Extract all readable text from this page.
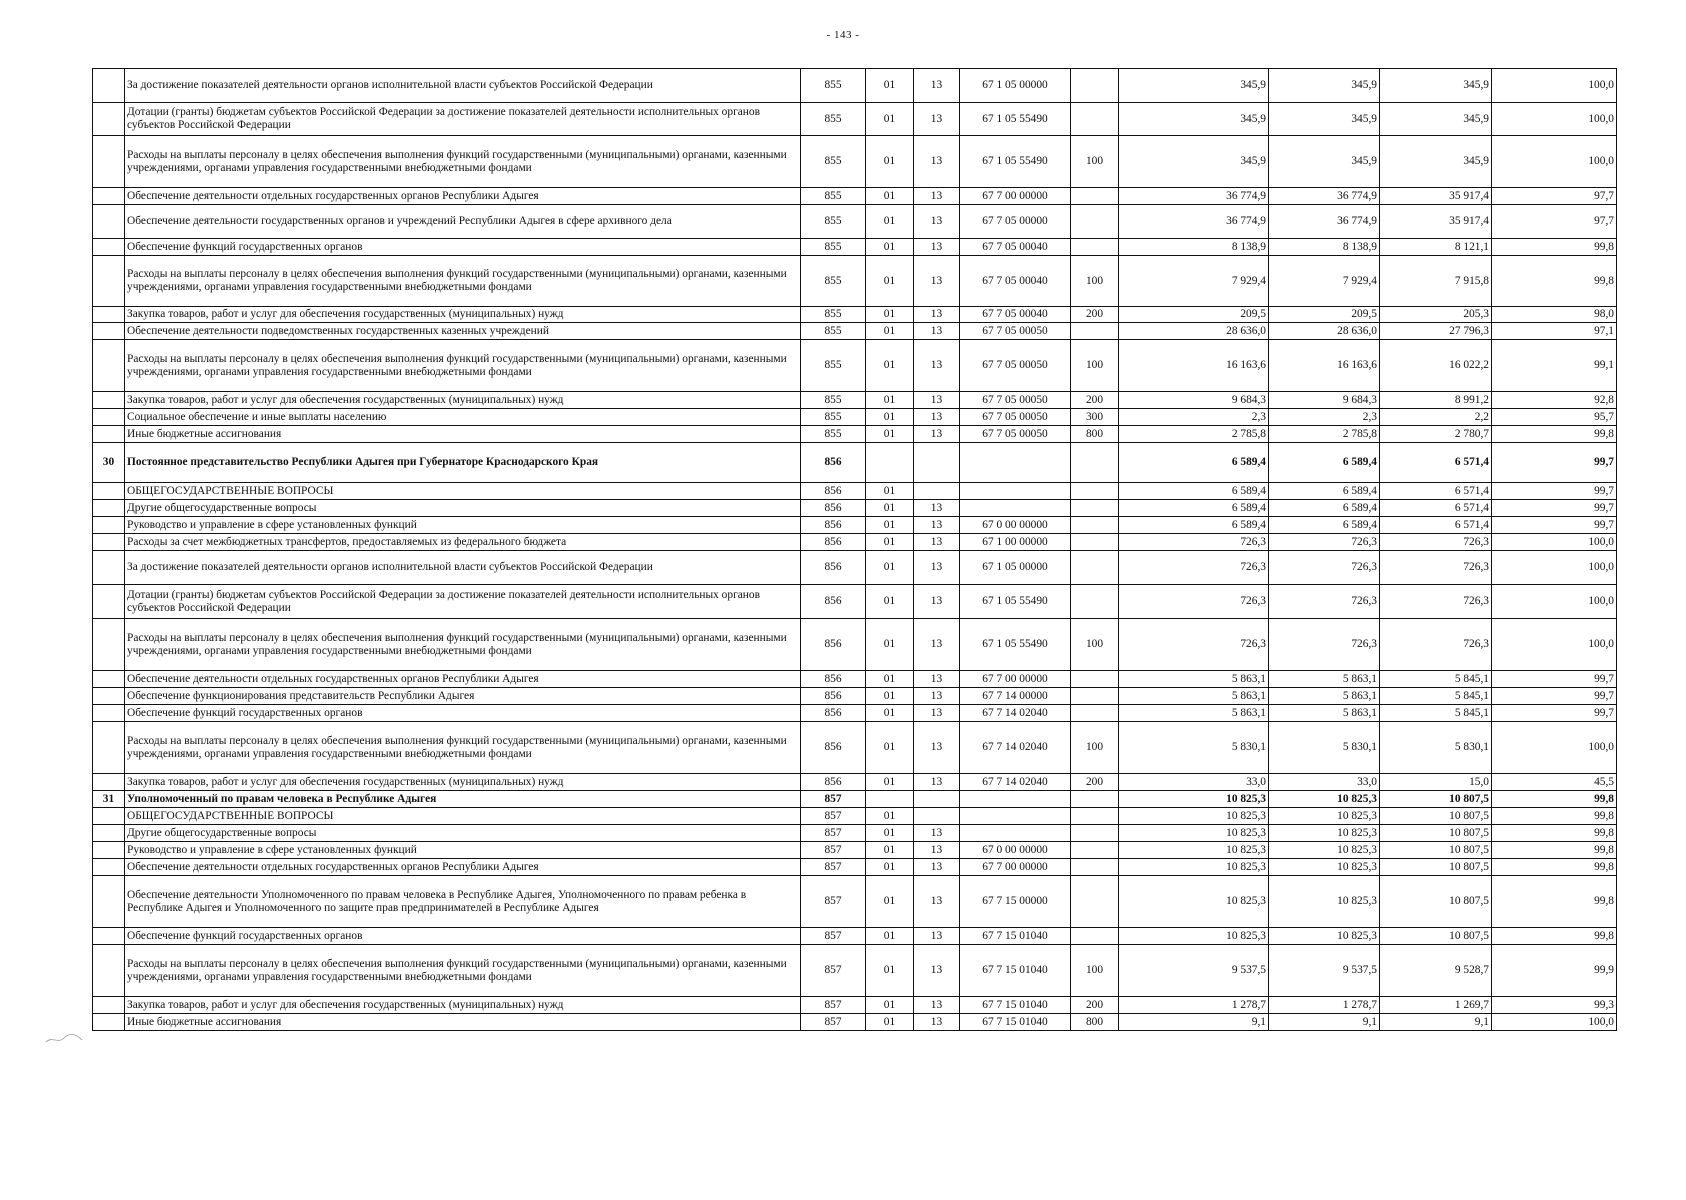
- 143 -
	За достижение показателей деятельности органов исполнительной власти субъектов Российской Федерации	855	01	13	67 1 05 00000		345,9	345,9	345,9	100,0
	Дотации (гранты) бюджетам субъектов Российской Федерации за достижение показателей деятельности исполнительных органов субъектов Российской Федерации	855	01	13	67 1 05 55490		345,9	345,9	345,9	100,0
	Расходы на выплаты персоналу в целях обеспечения выполнения функций государственными (муниципальными) органами, казенными учреждениями, органами управления государственными внебюджетными фондами	855	01	13	67 1 05 55490	100	345,9	345,9	345,9	100,0
	Обеспечение деятельности отдельных государственных органов Республики Адыгея	855	01	13	67 7 00 00000		36 774,9	36 774,9	35 917,4	97,7
	Обеспечение деятельности государственных органов и учреждений Республики Адыгея в сфере архивного дела	855	01	13	67 7 05 00000		36 774,9	36 774,9	35 917,4	97,7
	Обеспечение функций государственных органов	855	01	13	67 7 05 00040		8 138,9	8 138,9	8 121,1	99,8
	Расходы на выплаты персоналу в целях обеспечения выполнения функций государственными (муниципальными) органами, казенными учреждениями, органами управления государственными внебюджетными фондами	855	01	13	67 7 05 00040	100	7 929,4	7 929,4	7 915,8	99,8
	Закупка товаров, работ и услуг для обеспечения государственных (муниципальных) нужд	855	01	13	67 7 05 00040	200	209,5	209,5	205,3	98,0
	Обеспечение деятельности подведомственных государственных казенных учреждений	855	01	13	67 7 05 00050		28 636,0	28 636,0	27 796,3	97,1
	Расходы на выплаты персоналу в целях обеспечения выполнения функций государственными (муниципальными) органами, казенными учреждениями, органами управления государственными внебюджетными фондами	855	01	13	67 7 05 00050	100	16 163,6	16 163,6	16 022,2	99,1
	Закупка товаров, работ и услуг для обеспечения государственных (муниципальных) нужд	855	01	13	67 7 05 00050	200	9 684,3	9 684,3	8 991,2	92,8
	Социальное обеспечение и иные выплаты населению	855	01	13	67 7 05 00050	300	2,3	2,3	2,2	95,7
	Иные бюджетные ассигнования	855	01	13	67 7 05 00050	800	2 785,8	2 785,8	2 780,7	99,8
30	Постоянное представительство Республики Адыгея при Губернаторе Краснодарского Края	856					6 589,4	6 589,4	6 571,4	99,7
	ОБЩЕГОСУДАРСТВЕННЫЕ ВОПРОСЫ	856	01				6 589,4	6 589,4	6 571,4	99,7
	Другие общегосударственные вопросы	856	01	13			6 589,4	6 589,4	6 571,4	99,7
	Руководство и управление в сфере установленных функций	856	01	13	67 0 00 00000		6 589,4	6 589,4	6 571,4	99,7
	Расходы за счет межбюджетных трансфертов, предоставляемых из федерального бюджета	856	01	13	67 1 00 00000		726,3	726,3	726,3	100,0
	За достижение показателей деятельности органов исполнительной власти субъектов Российской Федерации	856	01	13	67 1 05 00000		726,3	726,3	726,3	100,0
	Дотации (гранты) бюджетам субъектов Российской Федерации за достижение показателей деятельности исполнительных органов субъектов Российской Федерации	856	01	13	67 1 05 55490		726,3	726,3	726,3	100,0
	Расходы на выплаты персоналу в целях обеспечения выполнения функций государственными (муниципальными) органами, казенными учреждениями, органами управления государственными внебюджетными фондами	856	01	13	67 1 05 55490	100	726,3	726,3	726,3	100,0
	Обеспечение деятельности отдельных государственных органов Республики Адыгея	856	01	13	67 7 00 00000		5 863,1	5 863,1	5 845,1	99,7
	Обеспечение функционирования представительств Республики Адыгея	856	01	13	67 7 14 00000		5 863,1	5 863,1	5 845,1	99,7
	Обеспечение функций государственных органов	856	01	13	67 7 14 02040		5 863,1	5 863,1	5 845,1	99,7
	Расходы на выплаты персоналу в целях обеспечения выполнения функций государственными (муниципальными) органами, казенными учреждениями, органами управления государственными внебюджетными фондами	856	01	13	67 7 14 02040	100	5 830,1	5 830,1	5 830,1	100,0
	Закупка товаров, работ и услуг для обеспечения государственных (муниципальных) нужд	856	01	13	67 7 14 02040	200	33,0	33,0	15,0	45,5
31	Уполномоченный по правам человека в Республике Адыгея	857					10 825,3	10 825,3	10 807,5	99,8
	ОБЩЕГОСУДАРСТВЕННЫЕ ВОПРОСЫ	857	01				10 825,3	10 825,3	10 807,5	99,8
	Другие общегосударственные вопросы	857	01	13			10 825,3	10 825,3	10 807,5	99,8
	Руководство и управление в сфере установленных функций	857	01	13	67 0 00 00000		10 825,3	10 825,3	10 807,5	99,8
	Обеспечение деятельности отдельных государственных органов Республики Адыгея	857	01	13	67 7 00 00000		10 825,3	10 825,3	10 807,5	99,8
	Обеспечение деятельности Уполномоченного по правам человека в Республике Адыгея, Уполномоченного по правам ребенка в Республике Адыгея и Уполномоченного по защите прав предпринимателей в Республике Адыгея	857	01	13	67 7 15 00000		10 825,3	10 825,3	10 807,5	99,8
	Обеспечение функций государственных органов	857	01	13	67 7 15 01040		10 825,3	10 825,3	10 807,5	99,8
	Расходы на выплаты персоналу в целях обеспечения выполнения функций государственными (муниципальными) органами, казенными учреждениями, органами управления государственными внебюджетными фондами	857	01	13	67 7 15 01040	100	9 537,5	9 537,5	9 528,7	99,9
	Закупка товаров, работ и услуг для обеспечения государственных (муниципальных) нужд	857	01	13	67 7 15 01040	200	1 278,7	1 278,7	1 269,7	99,3
	Иные бюджетные ассигнования	857	01	13	67 7 15 01040	800	9,1	9,1	9,1	100,0
